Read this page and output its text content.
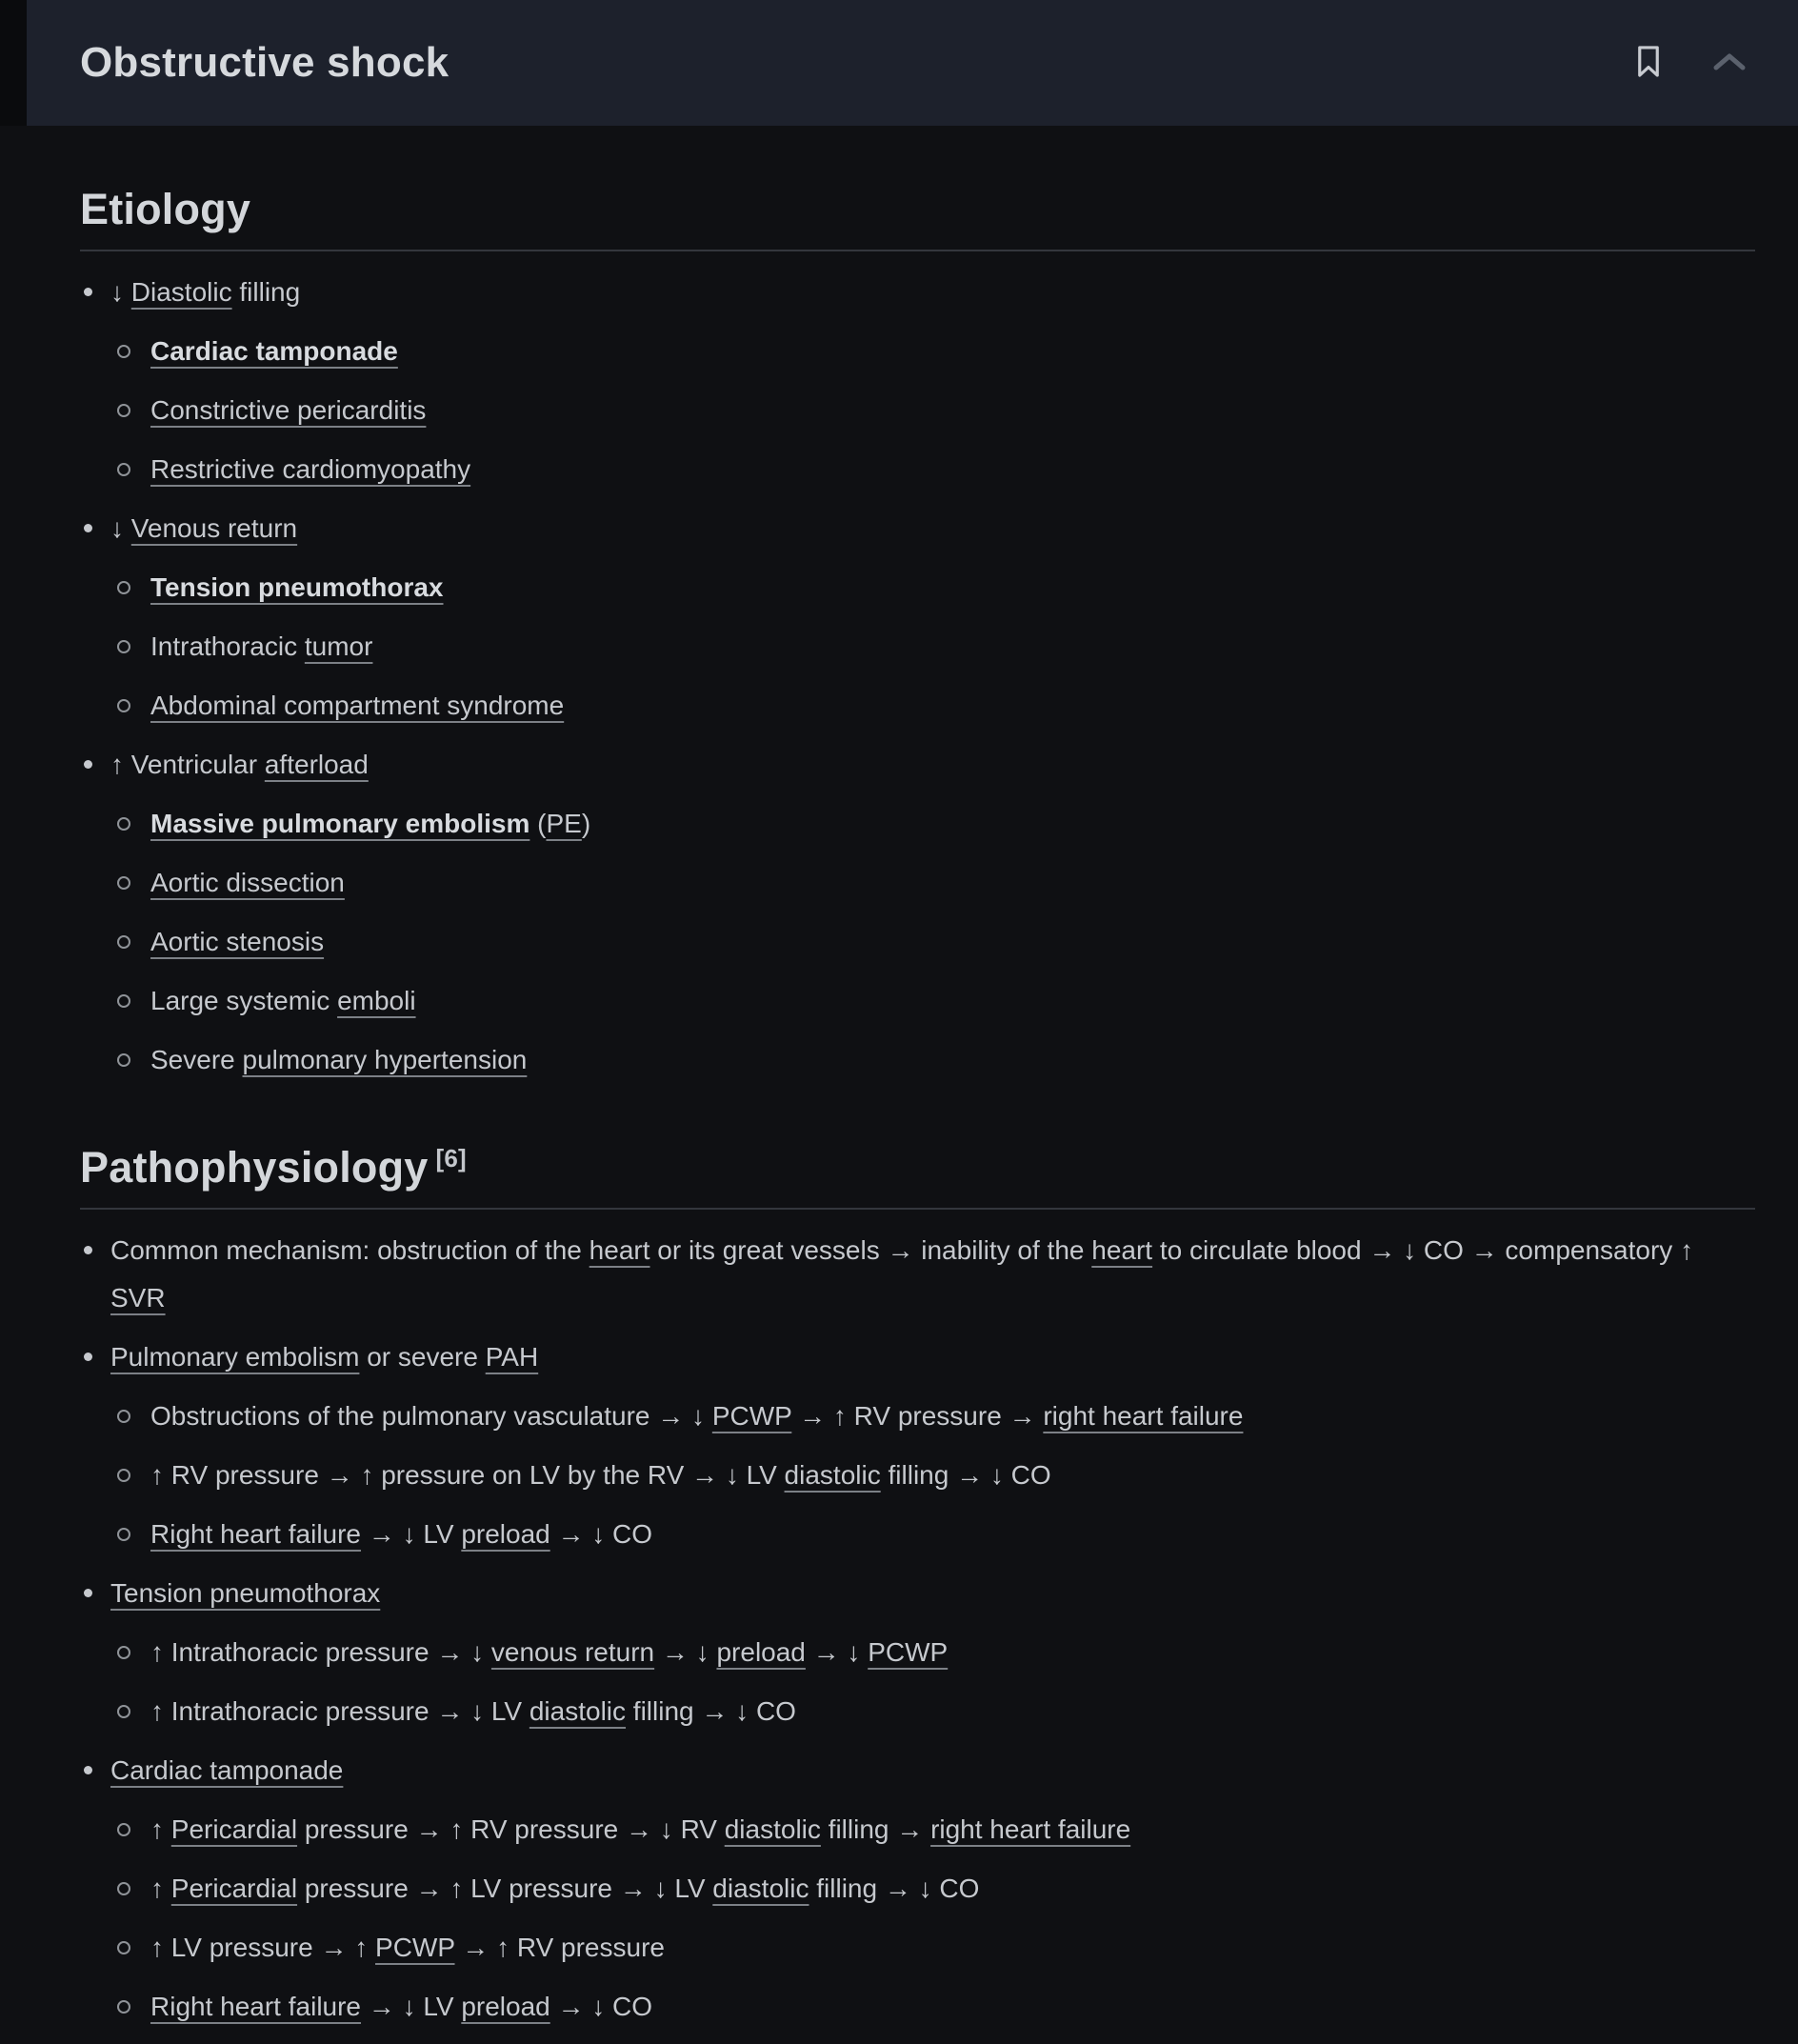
Obstructive shock
Etiology
↓ Diastolic filling
Cardiac tamponade
Constrictive pericarditis
Restrictive cardiomyopathy
↓ Venous return
Tension pneumothorax
Intrathoracic tumor
Abdominal compartment syndrome
↑ Ventricular afterload
Massive pulmonary embolism (PE)
Aortic dissection
Aortic stenosis
Large systemic emboli
Severe pulmonary hypertension
Pathophysiology [6]
Common mechanism: obstruction of the heart or its great vessels → inability of the heart to circulate blood → ↓ CO → compensatory ↑ SVR
Pulmonary embolism or severe PAH
Obstructions of the pulmonary vasculature → ↓ PCWP → ↑ RV pressure → right heart failure
↑ RV pressure → ↑ pressure on LV by the RV → ↓ LV diastolic filling → ↓ CO
Right heart failure → ↓ LV preload → ↓ CO
Tension pneumothorax
↑ Intrathoracic pressure → ↓ venous return → ↓ preload → ↓ PCWP
↑ Intrathoracic pressure → ↓ LV diastolic filling → ↓ CO
Cardiac tamponade
↑ Pericardial pressure → ↑ RV pressure → ↓ RV diastolic filling → right heart failure
↑ Pericardial pressure → ↑ LV pressure → ↓ LV diastolic filling → ↓ CO
↑ LV pressure → ↑ PCWP → ↑ RV pressure
Right heart failure → ↓ LV preload → ↓ CO
